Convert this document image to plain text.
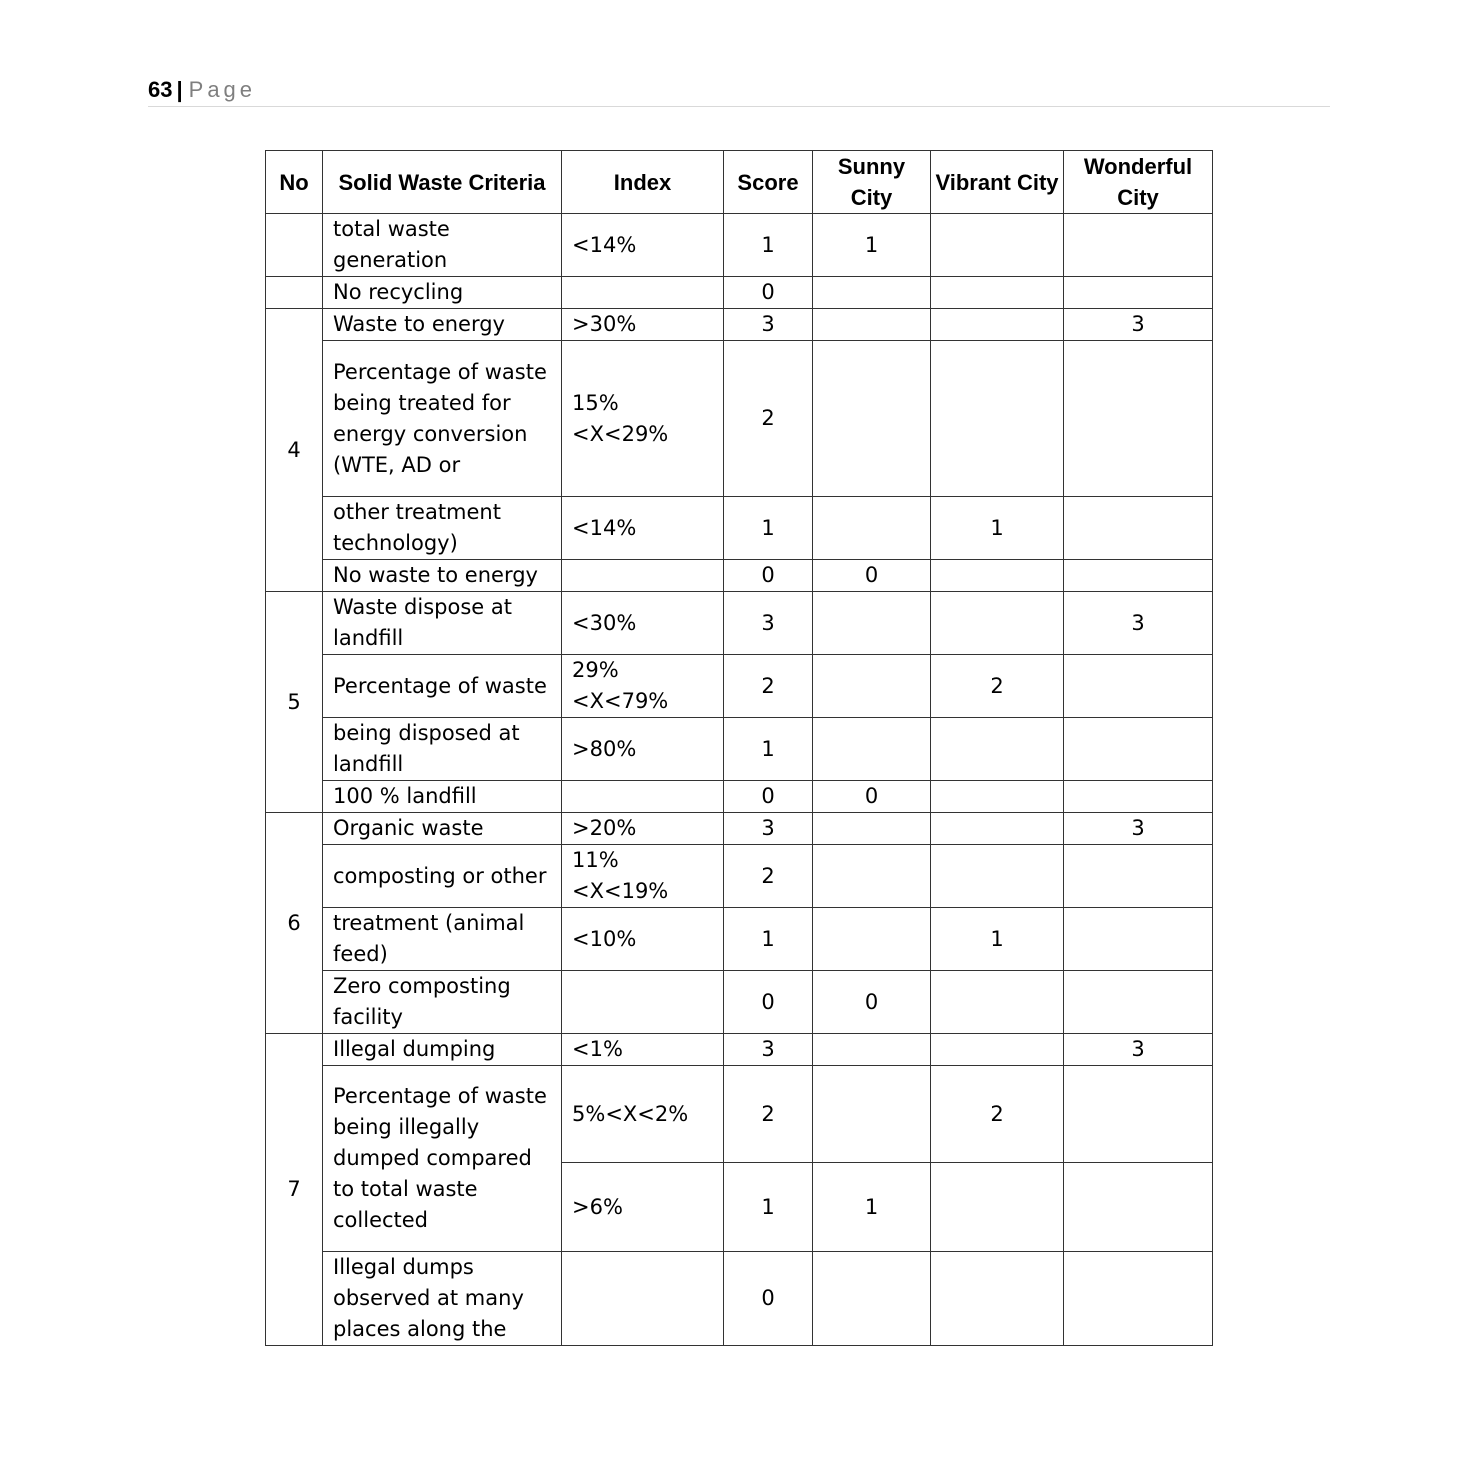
63 | Page
No	Solid Waste Criteria	Index	Score	Sunny City	Vibrant City	Wonderful City
	total waste generation	<14%	1	1		
	No recycling		0			
4	Waste to energy	>30%	3			3
	Percentage of waste being treated for energy conversion (WTE, AD or	15%<X<29%	2			
	other treatment technology)	<14%	1		1	
	No waste to energy		0	0		
5	Waste dispose at landfill	<30%	3			3
	Percentage of waste	29%<X<79%	2		2	
	being disposed at landfill	>80%	1			
	100 % landfill		0	0		
6	Organic waste	>20%	3			3
	composting or other	11%<X<19%	2			
	treatment (animal feed)	<10%	1		1	
	Zero composting facility		0	0		
7	Illegal dumping	<1%	3			3
	Percentage of waste being illegally dumped compared to total waste collected	5%<X<2%	2		2	
		>6%	1	1		
	Illegal dumps observed at many places along the		0			
